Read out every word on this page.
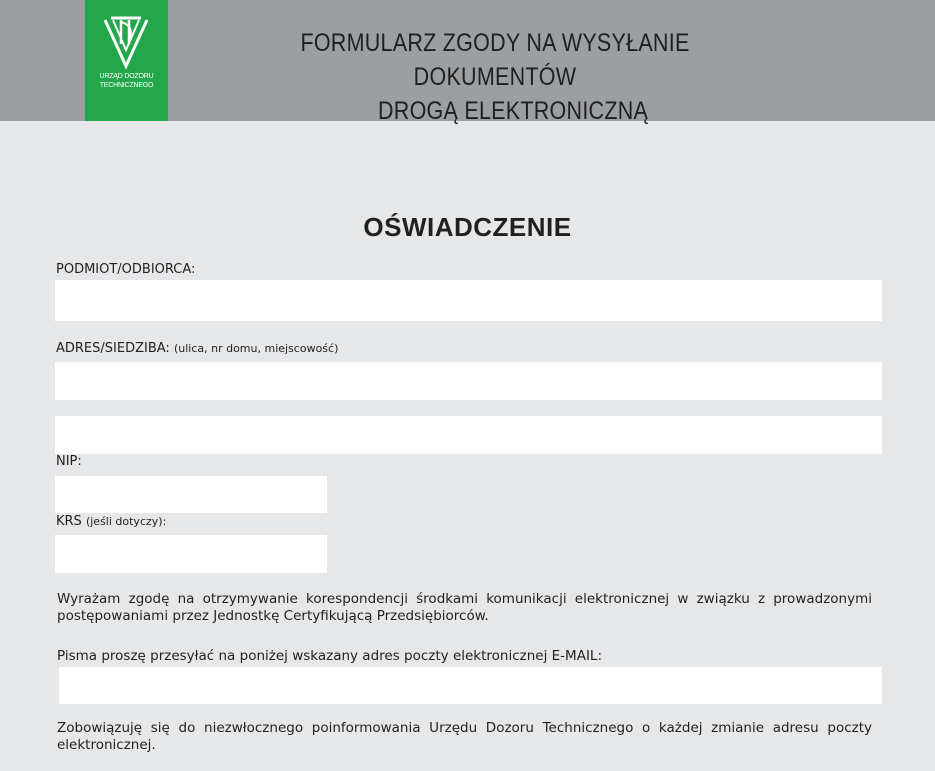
URZĄD DOZORU
TECHNICZNEGO
FORMULARZ ZGODY NA WYSYŁANIE DOKUMENTÓW
DROGĄ ELEKTRONICZNĄ
OŚWIADCZENIE
PODMIOT/ODBIORCA:
ADRES/SIEDZIBA: (ulica, nr domu, miejscowość)
NIP:
KRS (jeśli dotyczy):
Wyrażam zgodę na otrzymywanie korespondencji środkami komunikacji elektronicznej w związku z prowadzonymi postępowaniami przez Jednostkę Certyfikującą Przedsiębiorców.
Pisma proszę przesyłać na poniżej wskazany adres poczty elektronicznej E-MAIL:
Zobowiązuję się do niezwłocznego poinformowania Urzędu Dozoru Technicznego o każdej zmianie adresu poczty elektronicznej.
